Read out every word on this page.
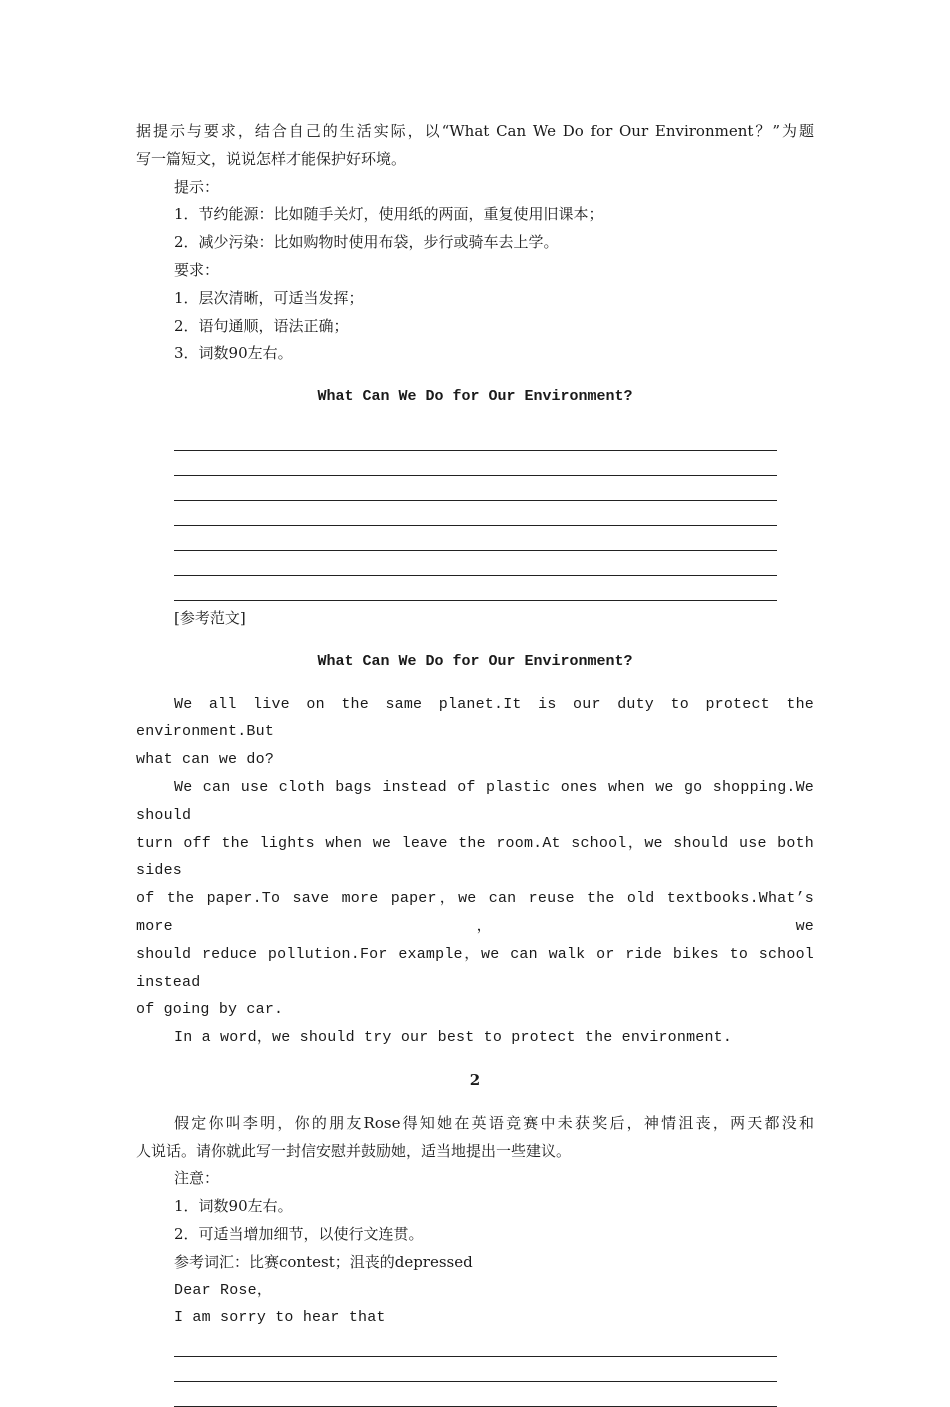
据提示与要求，结合自己的生活实际，以“What Can We Do for Our Environment？”为题

写一篇短文，说说怎样才能保护好环境。

提示：

1．节约能源：比如随手关灯，使用纸的两面，重复使用旧课本；

2．减少污染：比如购物时使用布袋，步行或骑车去上学。

要求：

1．层次清晰，可适当发挥；

2．语句通顺，语法正确；

3．词数90左右。

What Can We Do for Our Environment?

[参考范文]

What Can We Do for Our Environment?

We all live on the same planet.It is our duty to protect the environment.But

what can we do?

We can use cloth bags instead of plastic ones when we go shopping.We should

turn off the lights when we leave the room.At school，we should use both sides

of the paper.To save more paper，we can reuse the old textbooks.What’s more，we

should reduce pollution.For example，we can walk or ride bikes to school instead

of going by car.

In a word，we should try our best to protect the environment.

2

假定你叫李明，你的朋友Rose得知她在英语竞赛中未获奖后，神情沮丧，两天都没和

人说话。请你就此写一封信安慰并鼓励她，适当地提出一些建议。

注意：

1．词数90左右。

2．可适当增加细节，以使行文连贯。

参考词汇：比赛contest；沮丧的depressed

Dear Rose，

I am sorry to hear that
